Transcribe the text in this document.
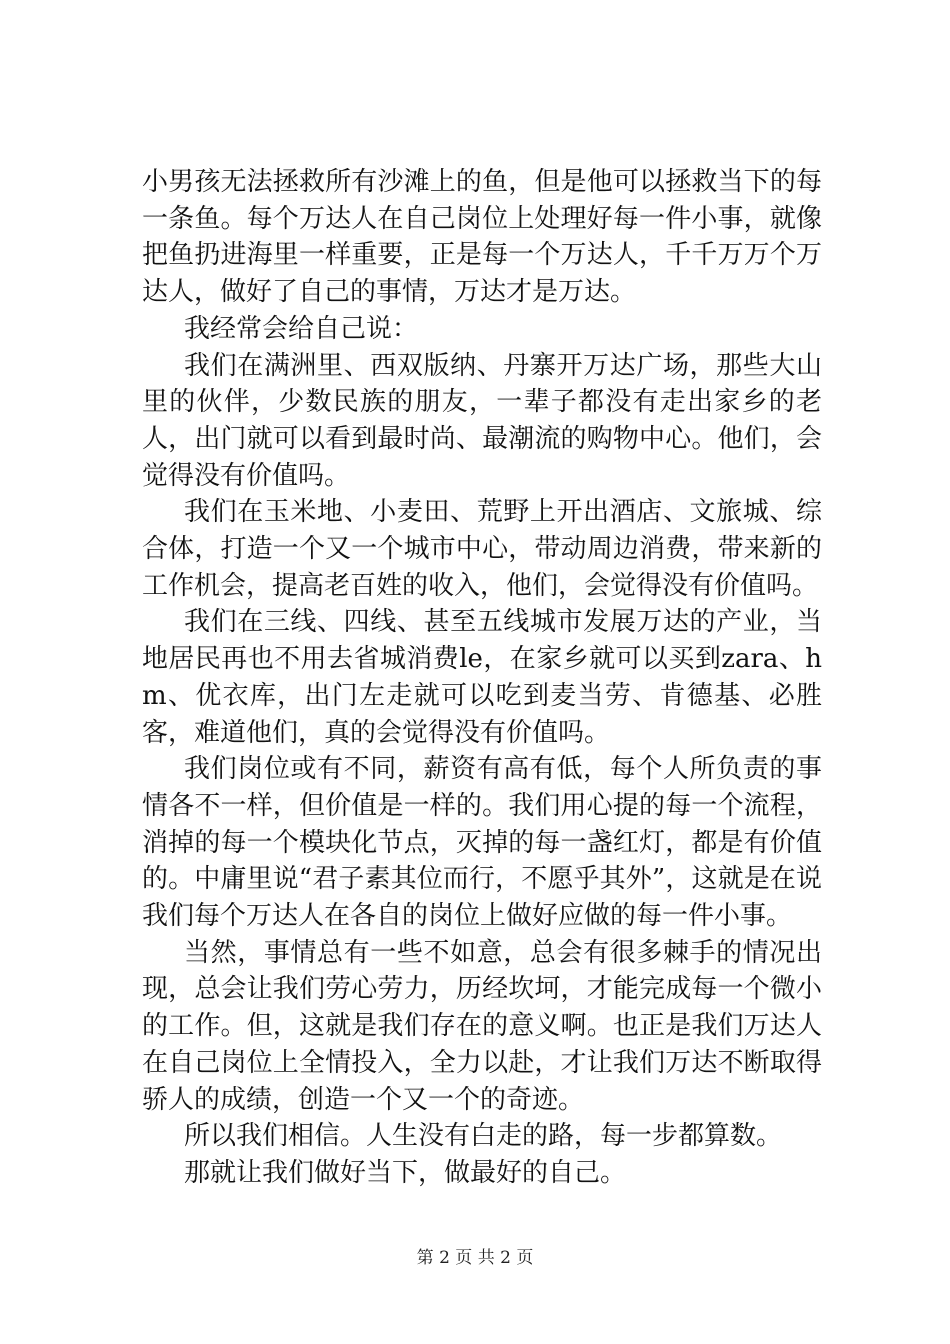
小男孩无法拯救所有沙滩上的鱼，但是他可以拯救当下的每一条鱼。每个万达人在自己岗位上处理好每一件小事，就像把鱼扔进海里一样重要，正是每一个万达人，千千万万个万达人，做好了自己的事情，万达才是万达。

我经常会给自己说：

我们在满洲里、西双版纳、丹寨开万达广场，那些大山里的伙伴，少数民族的朋友，一辈子都没有走出家乡的老人，出门就可以看到最时尚、最潮流的购物中心。他们，会觉得没有价值吗。

我们在玉米地、小麦田、荒野上开出酒店、文旅城、综合体，打造一个又一个城市中心，带动周边消费，带来新的工作机会，提高老百姓的收入，他们，会觉得没有价值吗。

我们在三线、四线、甚至五线城市发展万达的产业，当地居民再也不用去省城消费le，在家乡就可以买到zara、hm、优衣库，出门左走就可以吃到麦当劳、肯德基、必胜客，难道他们，真的会觉得没有价值吗。

我们岗位或有不同，薪资有高有低，每个人所负责的事情各不一样，但价值是一样的。我们用心提的每一个流程，消掉的每一个模块化节点，灭掉的每一盏红灯，都是有价值的。中庸里说“君子素其位而行，不愿乎其外”，这就是在说我们每个万达人在各自的岗位上做好应做的每一件小事。

当然，事情总有一些不如意，总会有很多棘手的情况出现，总会让我们劳心劳力，历经坎坷，才能完成每一个微小的工作。但，这就是我们存在的意义啊。也正是我们万达人在自己岗位上全情投入，全力以赴，才让我们万达不断取得骄人的成绩，创造一个又一个的奇迹。

所以我们相信。人生没有白走的路，每一步都算数。

那就让我们做好当下，做最好的自己。

第 2 页 共 2 页
